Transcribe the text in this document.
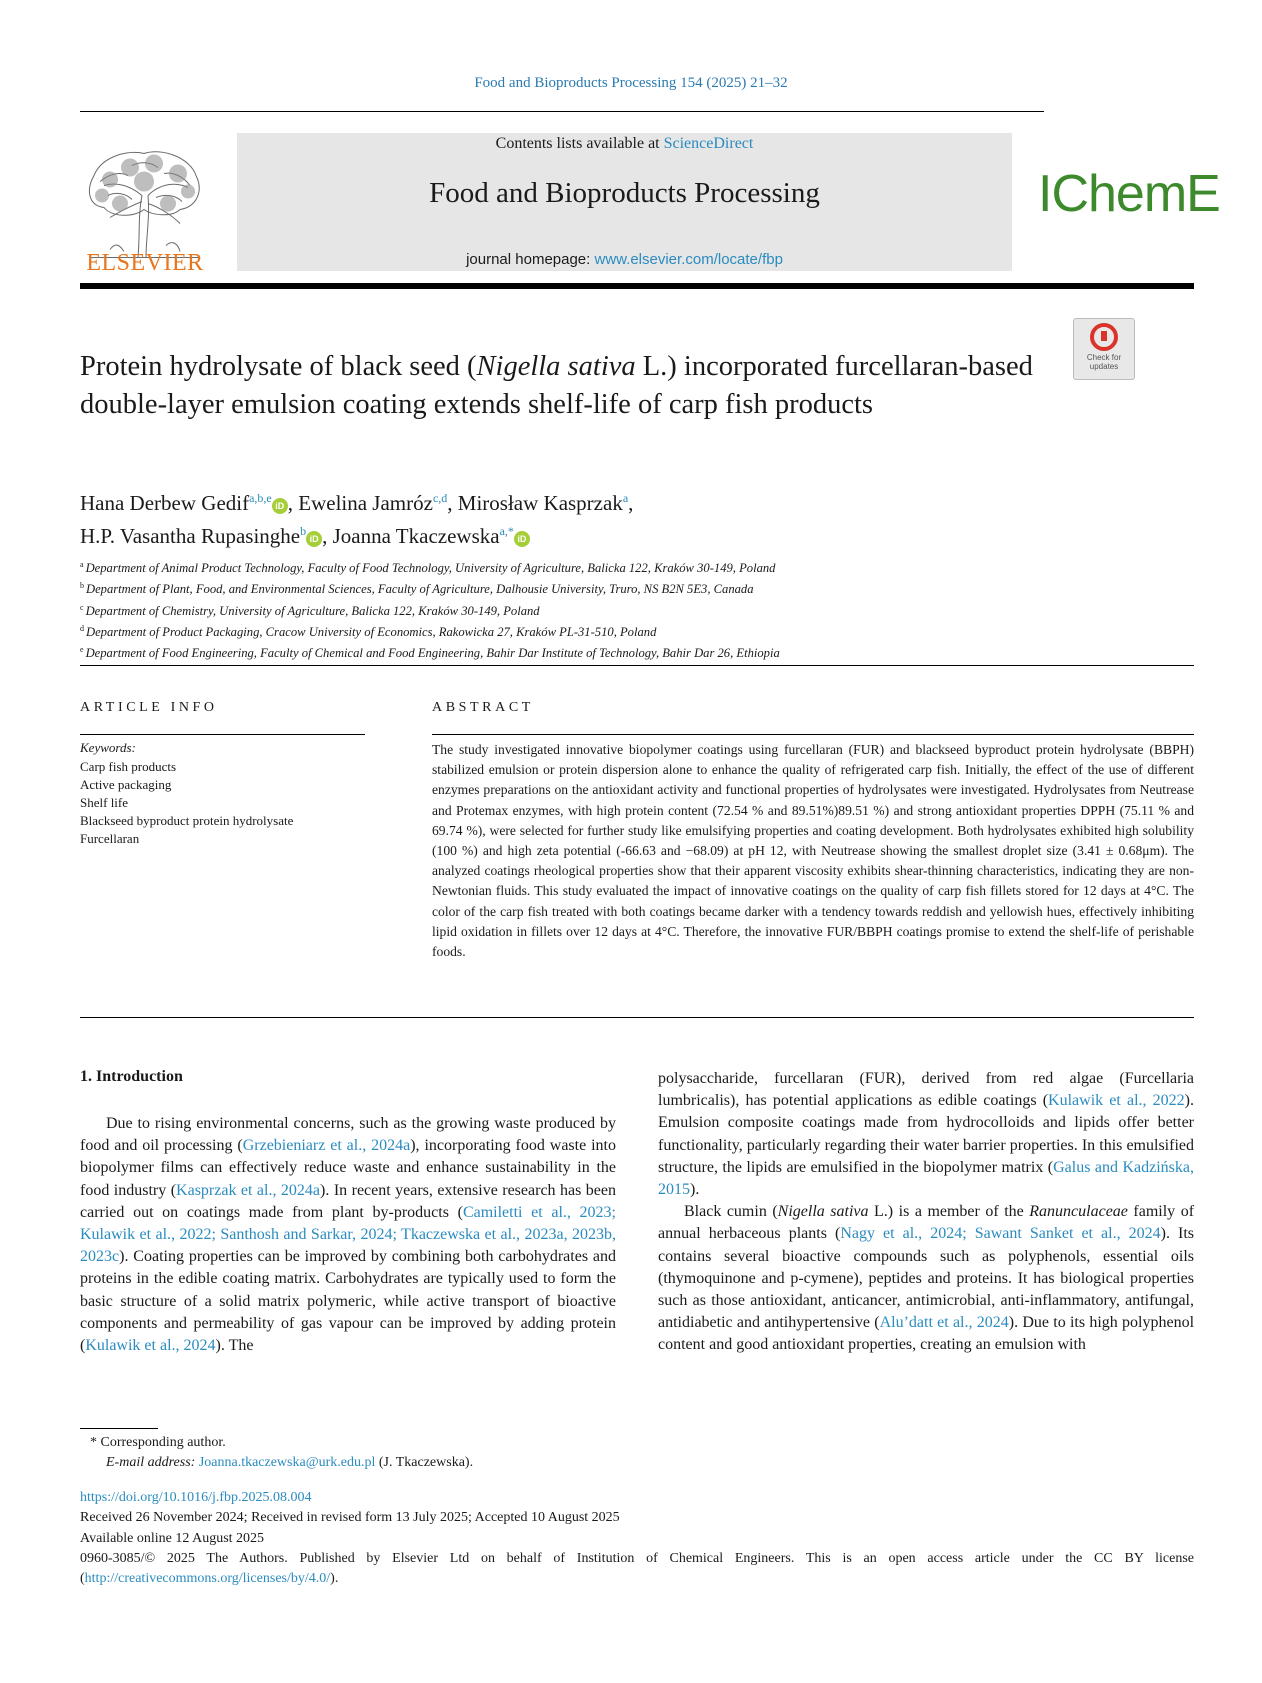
Food and Bioproducts Processing 154 (2025) 21–32
ELSEVIER
Contents lists available at ScienceDirect
Food and Bioproducts Processing
journal homepage: www.elsevier.com/locate/fbp
IChemE
Check for
updates
Protein hydrolysate of black seed (Nigella sativa L.) incorporated furcellaran-based double-layer emulsion coating extends shelf-life of carp fish products
Hana Derbew Gedif$^{a,b,e}$iD , Ewelina Jamróz$^{c,d}$, Mirosław Kasprzak$^a$,
H.P. Vasantha Rupasinghe$^b$iD , Joanna Tkaczewska$^{a,*}$iD
$^a$ Department of Animal Product Technology, Faculty of Food Technology, University of Agriculture, Balicka 122, Kraków 30-149, Poland
$^b$ Department of Plant, Food, and Environmental Sciences, Faculty of Agriculture, Dalhousie University, Truro, NS B2N 5E3, Canada
$^c$ Department of Chemistry, University of Agriculture, Balicka 122, Kraków 30-149, Poland
$^d$ Department of Product Packaging, Cracow University of Economics, Rakowicka 27, Kraków PL-31-510, Poland
$^e$ Department of Food Engineering, Faculty of Chemical and Food Engineering, Bahir Dar Institute of Technology, Bahir Dar 26, Ethiopia
ARTICLE INFO	ABSTRACT
Keywords:
Carp fish products
Active packaging
Shelf life
Blackseed byproduct protein hydrolysate
Furcellaran
The study investigated innovative biopolymer coatings using furcellaran (FUR) and blackseed byproduct protein hydrolysate (BBPH) stabilized emulsion or protein dispersion alone to enhance the quality of refrigerated carp fish. Initially, the effect of the use of different enzymes preparations on the antioxidant activity and functional properties of hydrolysates were investigated. Hydrolysates from Neutrease and Protemax enzymes, with high protein content (72.54 % and 89.51%)89.51 %) and strong antioxidant properties DPPH (75.11 % and 69.74 %), were selected for further study like emulsifying properties and coating development. Both hydrolysates exhibited high solubility (100 %) and high zeta potential (-66.63 and −68.09) at pH 12, with Neutrease showing the smallest droplet size (3.41 ± 0.68μm). The analyzed coatings rheological properties show that their apparent viscosity exhibits shear-thinning characteristics, indicating they are non-Newtonian fluids. This study evaluated the impact of innovative coatings on the quality of carp fish fillets stored for 12 days at 4°C. The color of the carp fish treated with both coatings became darker with a tendency towards reddish and yellowish hues, effectively inhibiting lipid oxidation in fillets over 12 days at 4°C. Therefore, the innovative FUR/BBPH coatings promise to extend the shelf-life of perishable foods.
1. Introduction

Due to rising environmental concerns, such as the growing waste produced by food and oil processing (Grzebieniarz et al., 2024a), incorporating food waste into biopolymer films can effectively reduce waste and enhance sustainability in the food industry (Kasprzak et al., 2024a). In recent years, extensive research has been carried out on coatings made from plant by-products (Camiletti et al., 2023; Kulawik et al., 2022; Santhosh and Sarkar, 2024; Tkaczewska et al., 2023a, 2023b, 2023c). Coating properties can be improved by combining both carbohydrates and proteins in the edible coating matrix. Carbohydrates are typically used to form the basic structure of a solid matrix polymeric, while active transport of bioactive components and permeability of gas vapour can be improved by adding protein (Kulawik et al., 2024). The

polysaccharide, furcellaran (FUR), derived from red algae (Furcellaria lumbricalis), has potential applications as edible coatings (Kulawik et al., 2022). Emulsion composite coatings made from hydrocolloids and lipids offer better functionality, particularly regarding their water barrier properties. In this emulsified structure, the lipids are emulsified in the biopolymer matrix (Galus and Kadzińska, 2015).

Black cumin (Nigella sativa L.) is a member of the Ranunculaceae family of annual herbaceous plants (Nagy et al., 2024; Sawant Sanket et al., 2024). Its contains several bioactive compounds such as polyphenols, essential oils (thymoquinone and p-cymene), peptides and proteins. It has biological properties such as those antioxidant, anticancer, antimicrobial, anti-inflammatory, antifungal, antidiabetic and antihypertensive (Alu’datt et al., 2024). Due to its high polyphenol content and good antioxidant properties, creating an emulsion with

* Corresponding author.
E-mail address: Joanna.tkaczewska@urk.edu.pl (J. Tkaczewska).
https://doi.org/10.1016/j.fbp.2025.08.004
Received 26 November 2024; Received in revised form 13 July 2025; Accepted 10 August 2025
Available online 12 August 2025
0960-3085/© 2025 The Authors. Published by Elsevier Ltd on behalf of Institution of Chemical Engineers. This is an open access article under the CC BY license (http://creativecommons.org/licenses/by/4.0/).
